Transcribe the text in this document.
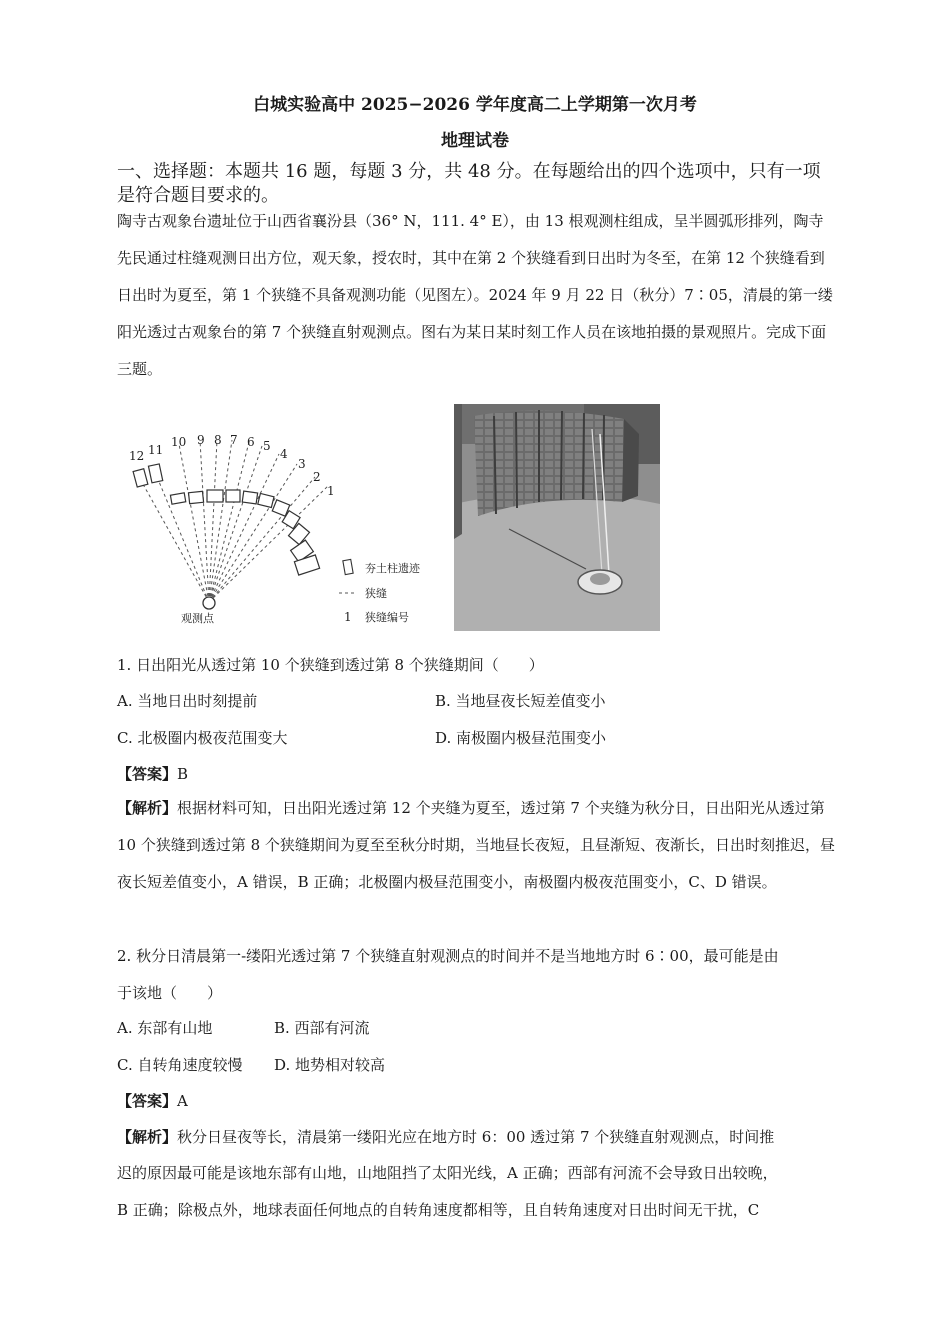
白城实验高中 2025−2026 学年度高二上学期第一次月考
地理试卷
一、选择题：本题共 16 题，每题 3 分，共 48 分。在每题给出的四个选项中，只有一项是符合题目要求的。
陶寺古观象台遗址位于山西省襄汾县（36° N，111. 4° E），由 13 根观测柱组成，呈半圆弧形排列，陶寺先民通过柱缝观测日出方位，观天象，授农时，其中在第 2 个狭缝看到日出时为冬至，在第 12 个狭缝看到日出时为夏至，第 1 个狭缝不具备观测功能（见图左）。2024 年 9 月 22 日（秋分）7∶05，清晨的第一缕阳光透过古观象台的第 7 个狭缝直射观测点。图右为某日某时刻工作人员在该地拍摄的景观照片。完成下面三题。
1
2
3
4
5
6
7
8
9
10
11
12
观测点
夯土柱遗迹
狭缝
1 狭缝编号
1. 日出阳光从透过第 10 个狭缝到透过第 8 个狭缝期间（　　）
A. 当地日出时刻提前	B. 当地昼夜长短差值变小
C. 北极圈内极夜范围变大	D. 南极圈内极昼范围变小
【答案】B
【解析】根据材料可知，日出阳光透过第 12 个夹缝为夏至，透过第 7 个夹缝为秋分日，日出阳光从透过第 10 个狭缝到透过第 8 个狭缝期间为夏至至秋分时期，当地昼长夜短，且昼渐短、夜渐长，日出时刻推迟，昼夜长短差值变小，A 错误，B 正确；北极圈内极昼范围变小，南极圈内极夜范围变小，C、D 错误。
2. 秋分日清晨第一-缕阳光透过第 7 个狭缝直射观测点的时间并不是当地地方时 6∶00，最可能是由
于该地（　　）
A. 东部有山地	B. 西部有河流
C. 自转角速度较慢 D. 地势相对较高
【答案】A
【解析】秋分日昼夜等长，清晨第一缕阳光应在地方时 6：00 透过第 7 个狭缝直射观测点，时间推
迟的原因最可能是该地东部有山地，山地阻挡了太阳光线，A 正确；西部有河流不会导致日出较晚，
B 正确；除极点外，地球表面任何地点的自转角速度都相等，且自转角速度对日出时间无干扰，C
